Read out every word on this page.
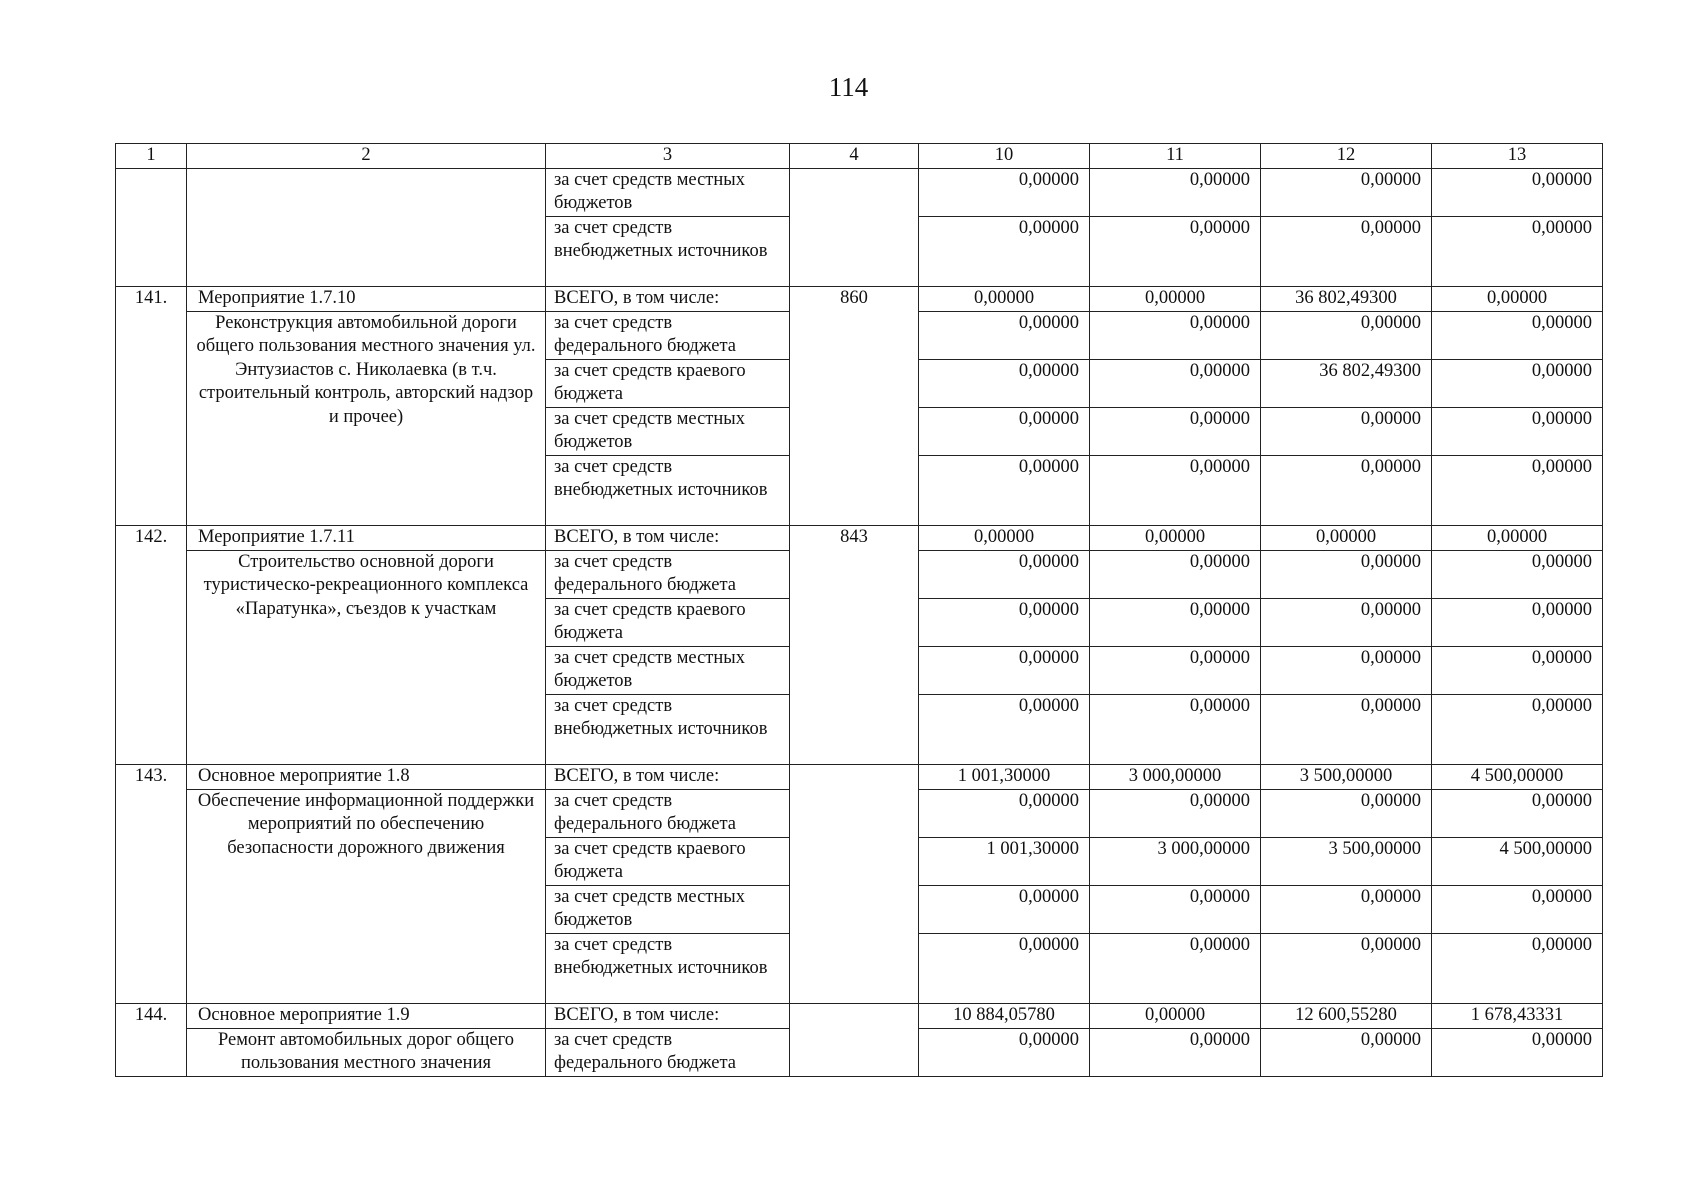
114
1	2	3	4	10	11	12	13
		за счет средств местных бюджетов		0,00000	0,00000	0,00000	0,00000
		за счет средств внебюджетных источников		0,00000	0,00000	0,00000	0,00000
141.	Мероприятие 1.7.10	ВСЕГО, в том числе:	860	0,00000	0,00000	36 802,49300	0,00000
	Реконструкция автомобильной дороги общего пользования местного значения ул. Энтузиастов с. Николаевка (в т.ч. строительный контроль, авторский надзор и прочее)	за счет средств федерального бюджета		0,00000	0,00000	0,00000	0,00000
		за счет средств краевого бюджета		0,00000	0,00000	36 802,49300	0,00000
		за счет средств местных бюджетов		0,00000	0,00000	0,00000	0,00000
		за счет средств внебюджетных источников		0,00000	0,00000	0,00000	0,00000
142.	Мероприятие 1.7.11	ВСЕГО, в том числе:	843	0,00000	0,00000	0,00000	0,00000
	Строительство основной дороги туристическо-рекреационного комплекса «Паратунка», съездов к участкам	за счет средств федерального бюджета		0,00000	0,00000	0,00000	0,00000
		за счет средств краевого бюджета		0,00000	0,00000	0,00000	0,00000
		за счет средств местных бюджетов		0,00000	0,00000	0,00000	0,00000
		за счет средств внебюджетных источников		0,00000	0,00000	0,00000	0,00000
143.	Основное мероприятие 1.8	ВСЕГО, в том числе:		1 001,30000	3 000,00000	3 500,00000	4 500,00000
	Обеспечение информационной поддержки мероприятий по обеспечению безопасности дорожного движения	за счет средств федерального бюджета		0,00000	0,00000	0,00000	0,00000
		за счет средств краевого бюджета		1 001,30000	3 000,00000	3 500,00000	4 500,00000
		за счет средств местных бюджетов		0,00000	0,00000	0,00000	0,00000
		за счет средств внебюджетных источников		0,00000	0,00000	0,00000	0,00000
144.	Основное мероприятие 1.9	ВСЕГО, в том числе:		10 884,05780	0,00000	12 600,55280	1 678,43331
	Ремонт автомобильных дорог общего пользования местного значения	за счет средств федерального бюджета		0,00000	0,00000	0,00000	0,00000
